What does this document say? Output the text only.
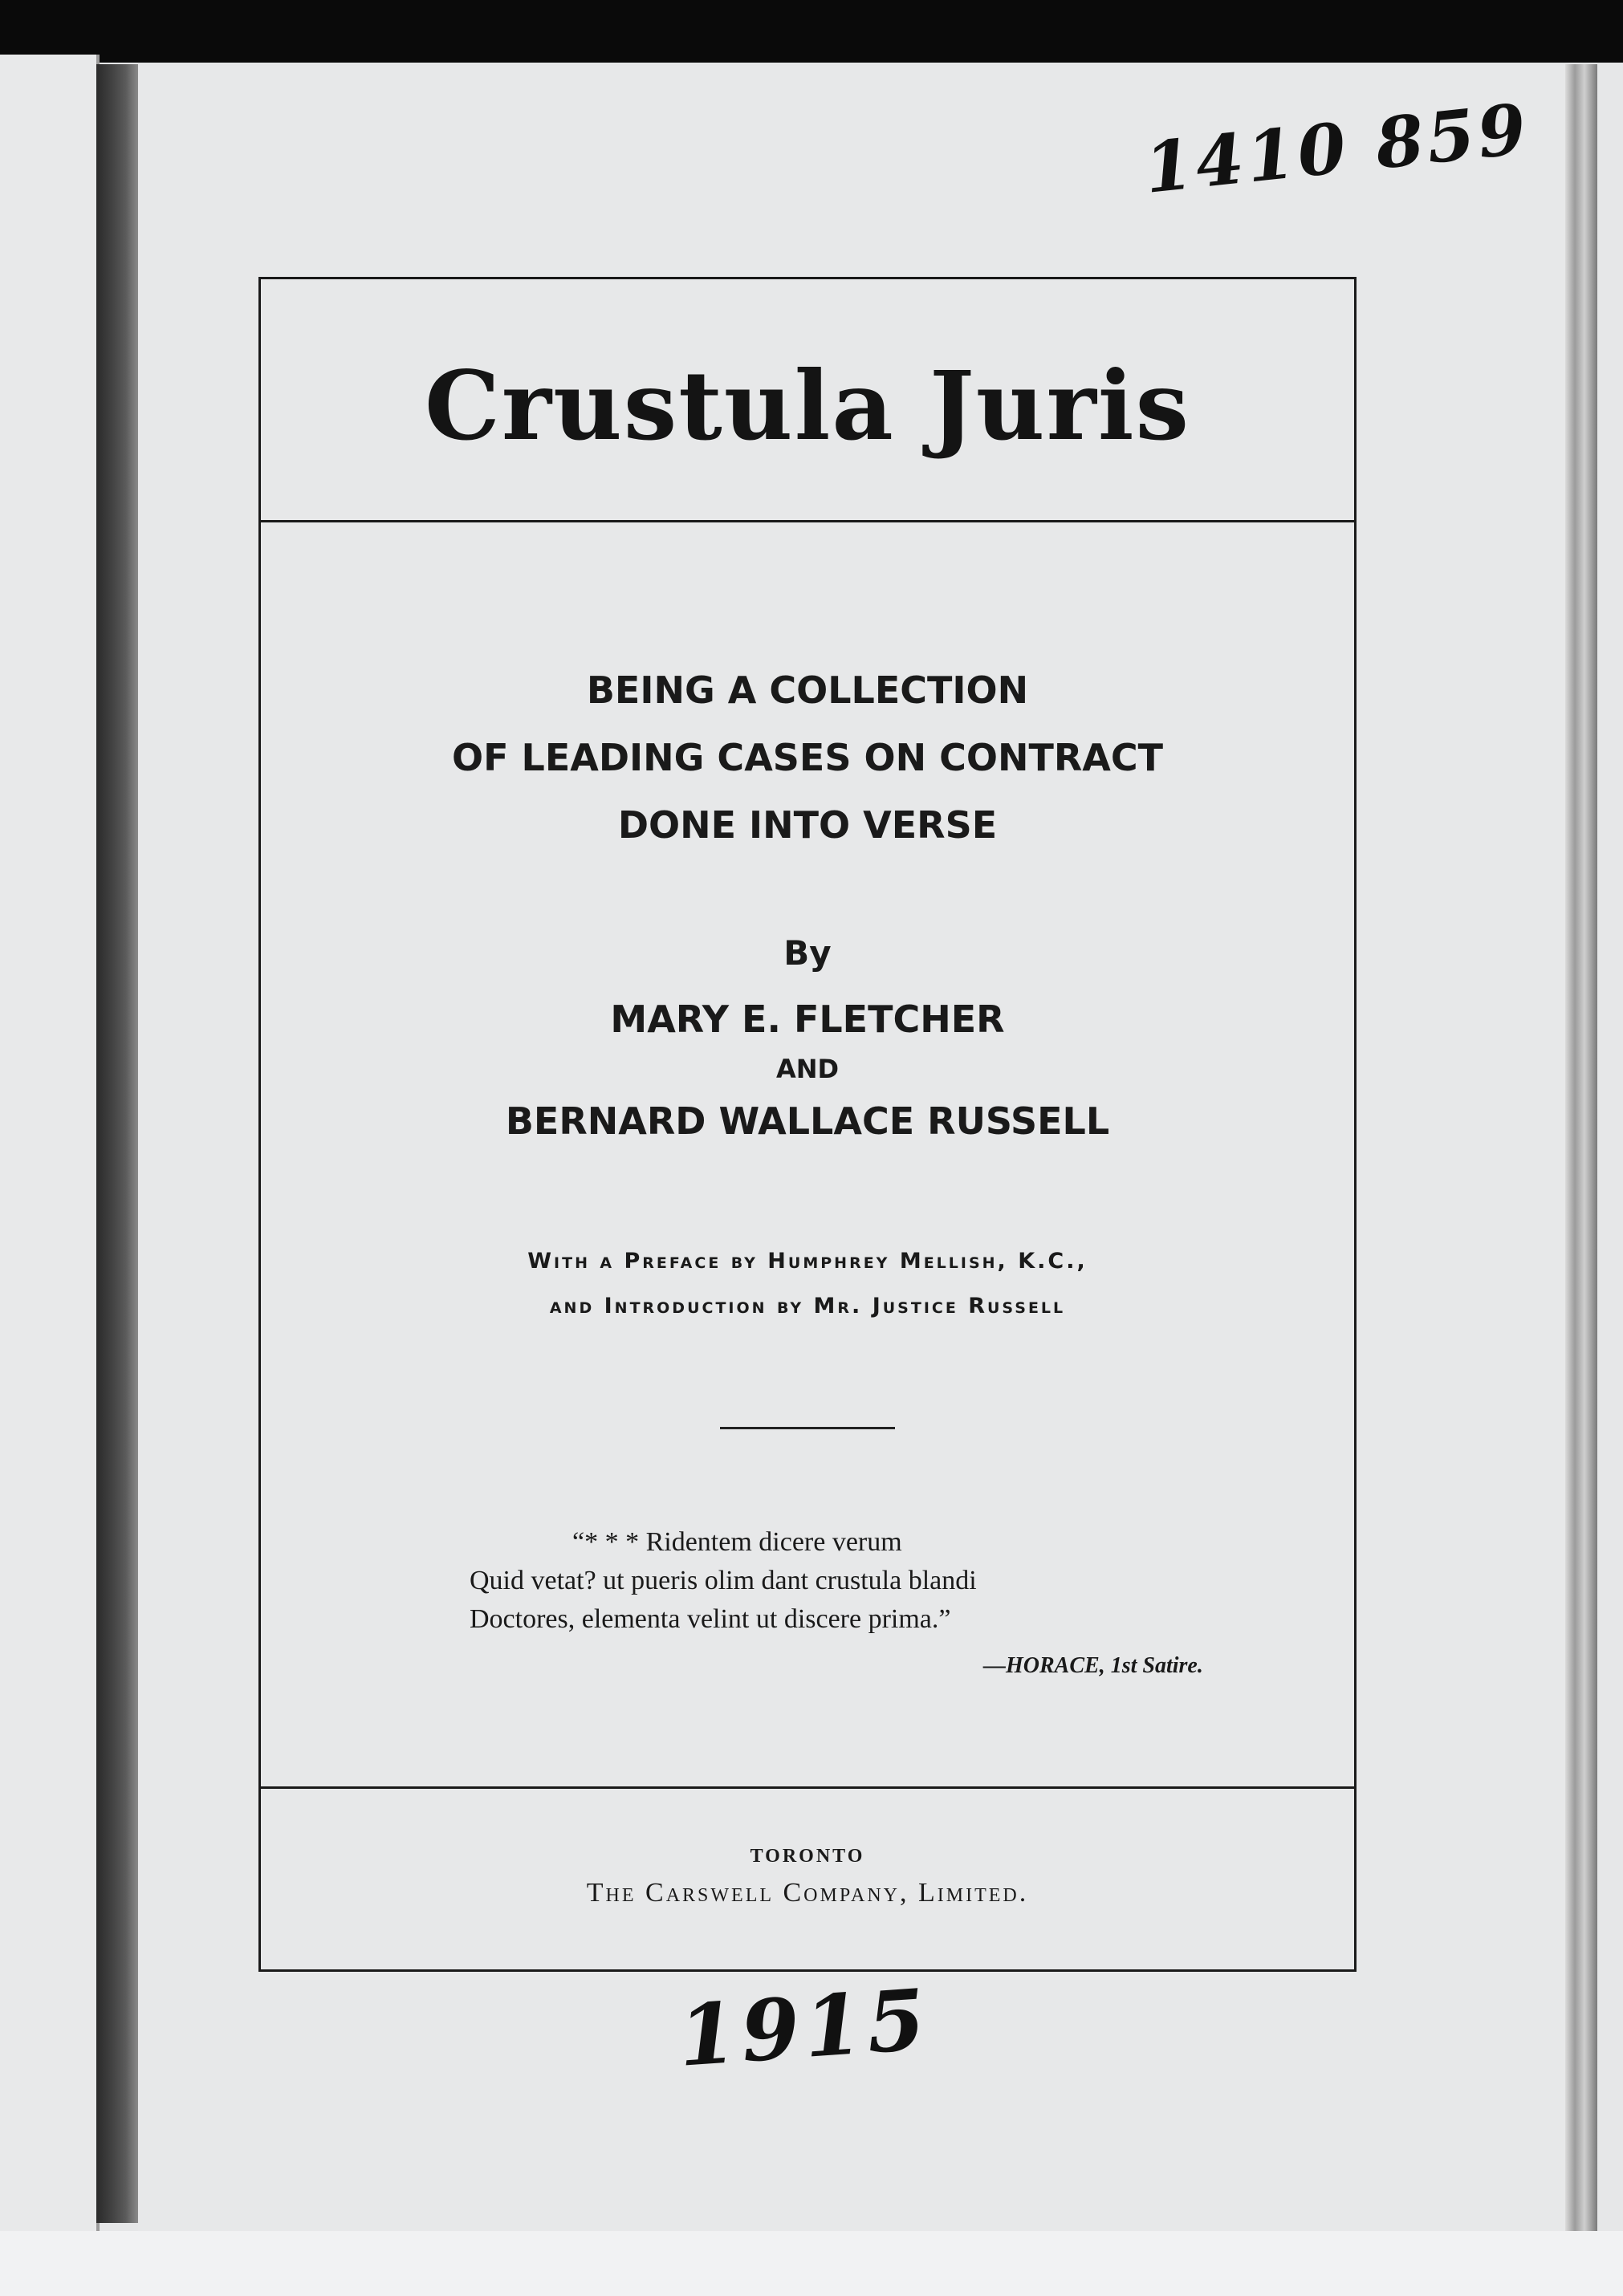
1410 859
Crustula Juris
BEING A COLLECTION
OF LEADING CASES ON CONTRACT
DONE INTO VERSE
By
MARY E. FLETCHER
AND
BERNARD WALLACE RUSSELL
With a Preface by Humphrey Mellish, K.C.,
and Introduction by Mr. Justice Russell
“* * * Ridentem dicere verum
Quid vetat? ut pueris olim dant crustula blandi
Doctores, elementa velint ut discere prima.”
—HORACE, 1st Satire.
TORONTO
The Carswell Company, Limited.
1915
